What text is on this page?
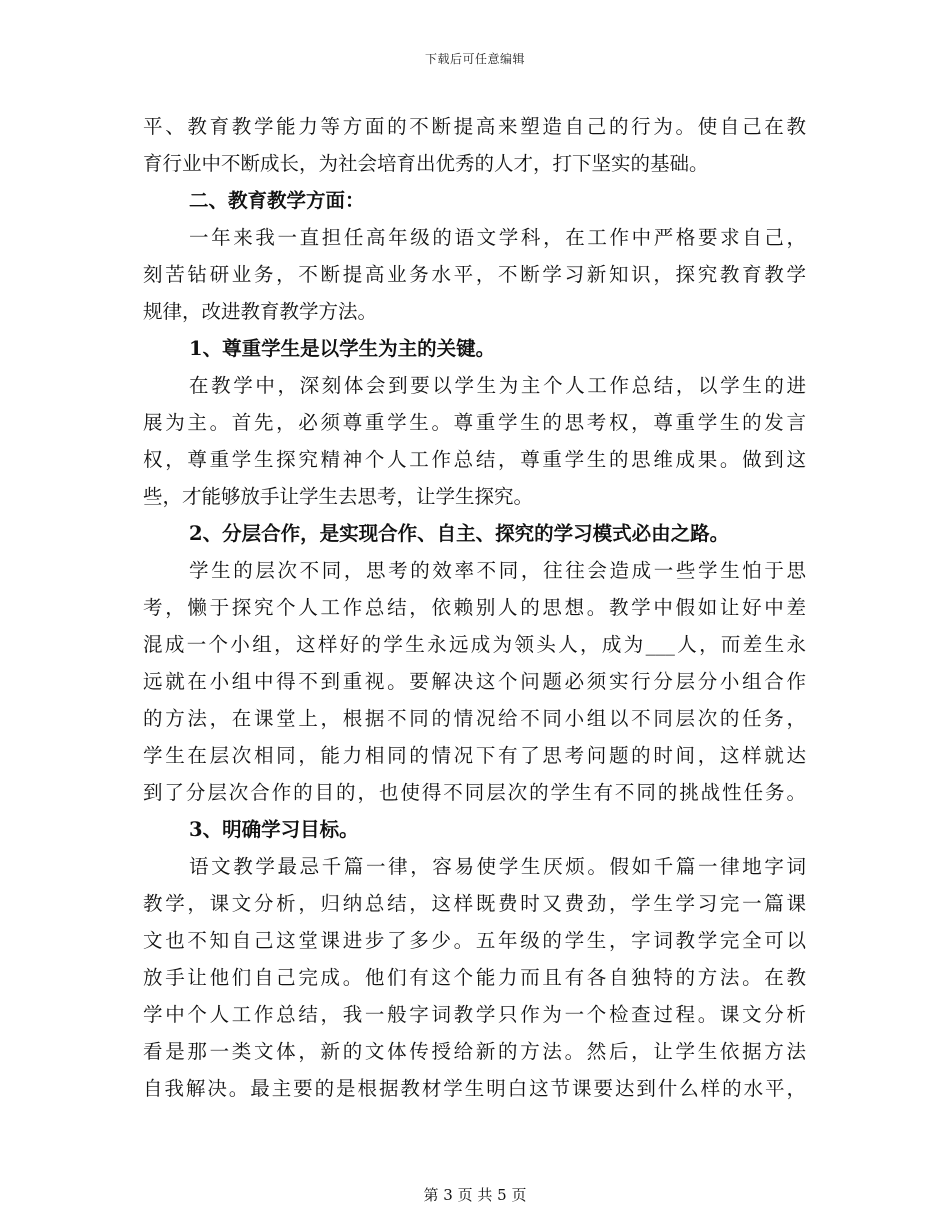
下载后可任意编辑
平、教育教学能力等方面的不断提高来塑造自己的行为。使自己在教
育行业中不断成长，为社会培育出优秀的人才，打下坚实的基础。
二、教育教学方面：
一年来我一直担任高年级的语文学科，在工作中严格要求自己，
刻苦钻研业务，不断提高业务水平，不断学习新知识，探究教育教学
规律，改进教育教学方法。
1、尊重学生是以学生为主的关键。
在教学中，深刻体会到要以学生为主个人工作总结，以学生的进
展为主。首先，必须尊重学生。尊重学生的思考权，尊重学生的发言
权，尊重学生探究精神个人工作总结，尊重学生的思维成果。做到这
些，才能够放手让学生去思考，让学生探究。
2、分层合作，是实现合作、自主、探究的学习模式必由之路。
学生的层次不同，思考的效率不同，往往会造成一些学生怕于思
考，懒于探究个人工作总结，依赖别人的思想。教学中假如让好中差
混成一个小组，这样好的学生永远成为领头人，成为___人，而差生永
远就在小组中得不到重视。要解决这个问题必须实行分层分小组合作
的方法，在课堂上，根据不同的情况给不同小组以不同层次的任务，
学生在层次相同，能力相同的情况下有了思考问题的时间，这样就达
到了分层次合作的目的，也使得不同层次的学生有不同的挑战性任务。
3、明确学习目标。
语文教学最忌千篇一律，容易使学生厌烦。假如千篇一律地字词
教学，课文分析，归纳总结，这样既费时又费劲，学生学习完一篇课
文也不知自己这堂课进步了多少。五年级的学生，字词教学完全可以
放手让他们自己完成。他们有这个能力而且有各自独特的方法。在教
学中个人工作总结，我一般字词教学只作为一个检查过程。课文分析
看是那一类文体，新的文体传授给新的方法。然后，让学生依据方法
自我解决。最主要的是根据教材学生明白这节课要达到什么样的水平，
第 3 页 共 5 页
